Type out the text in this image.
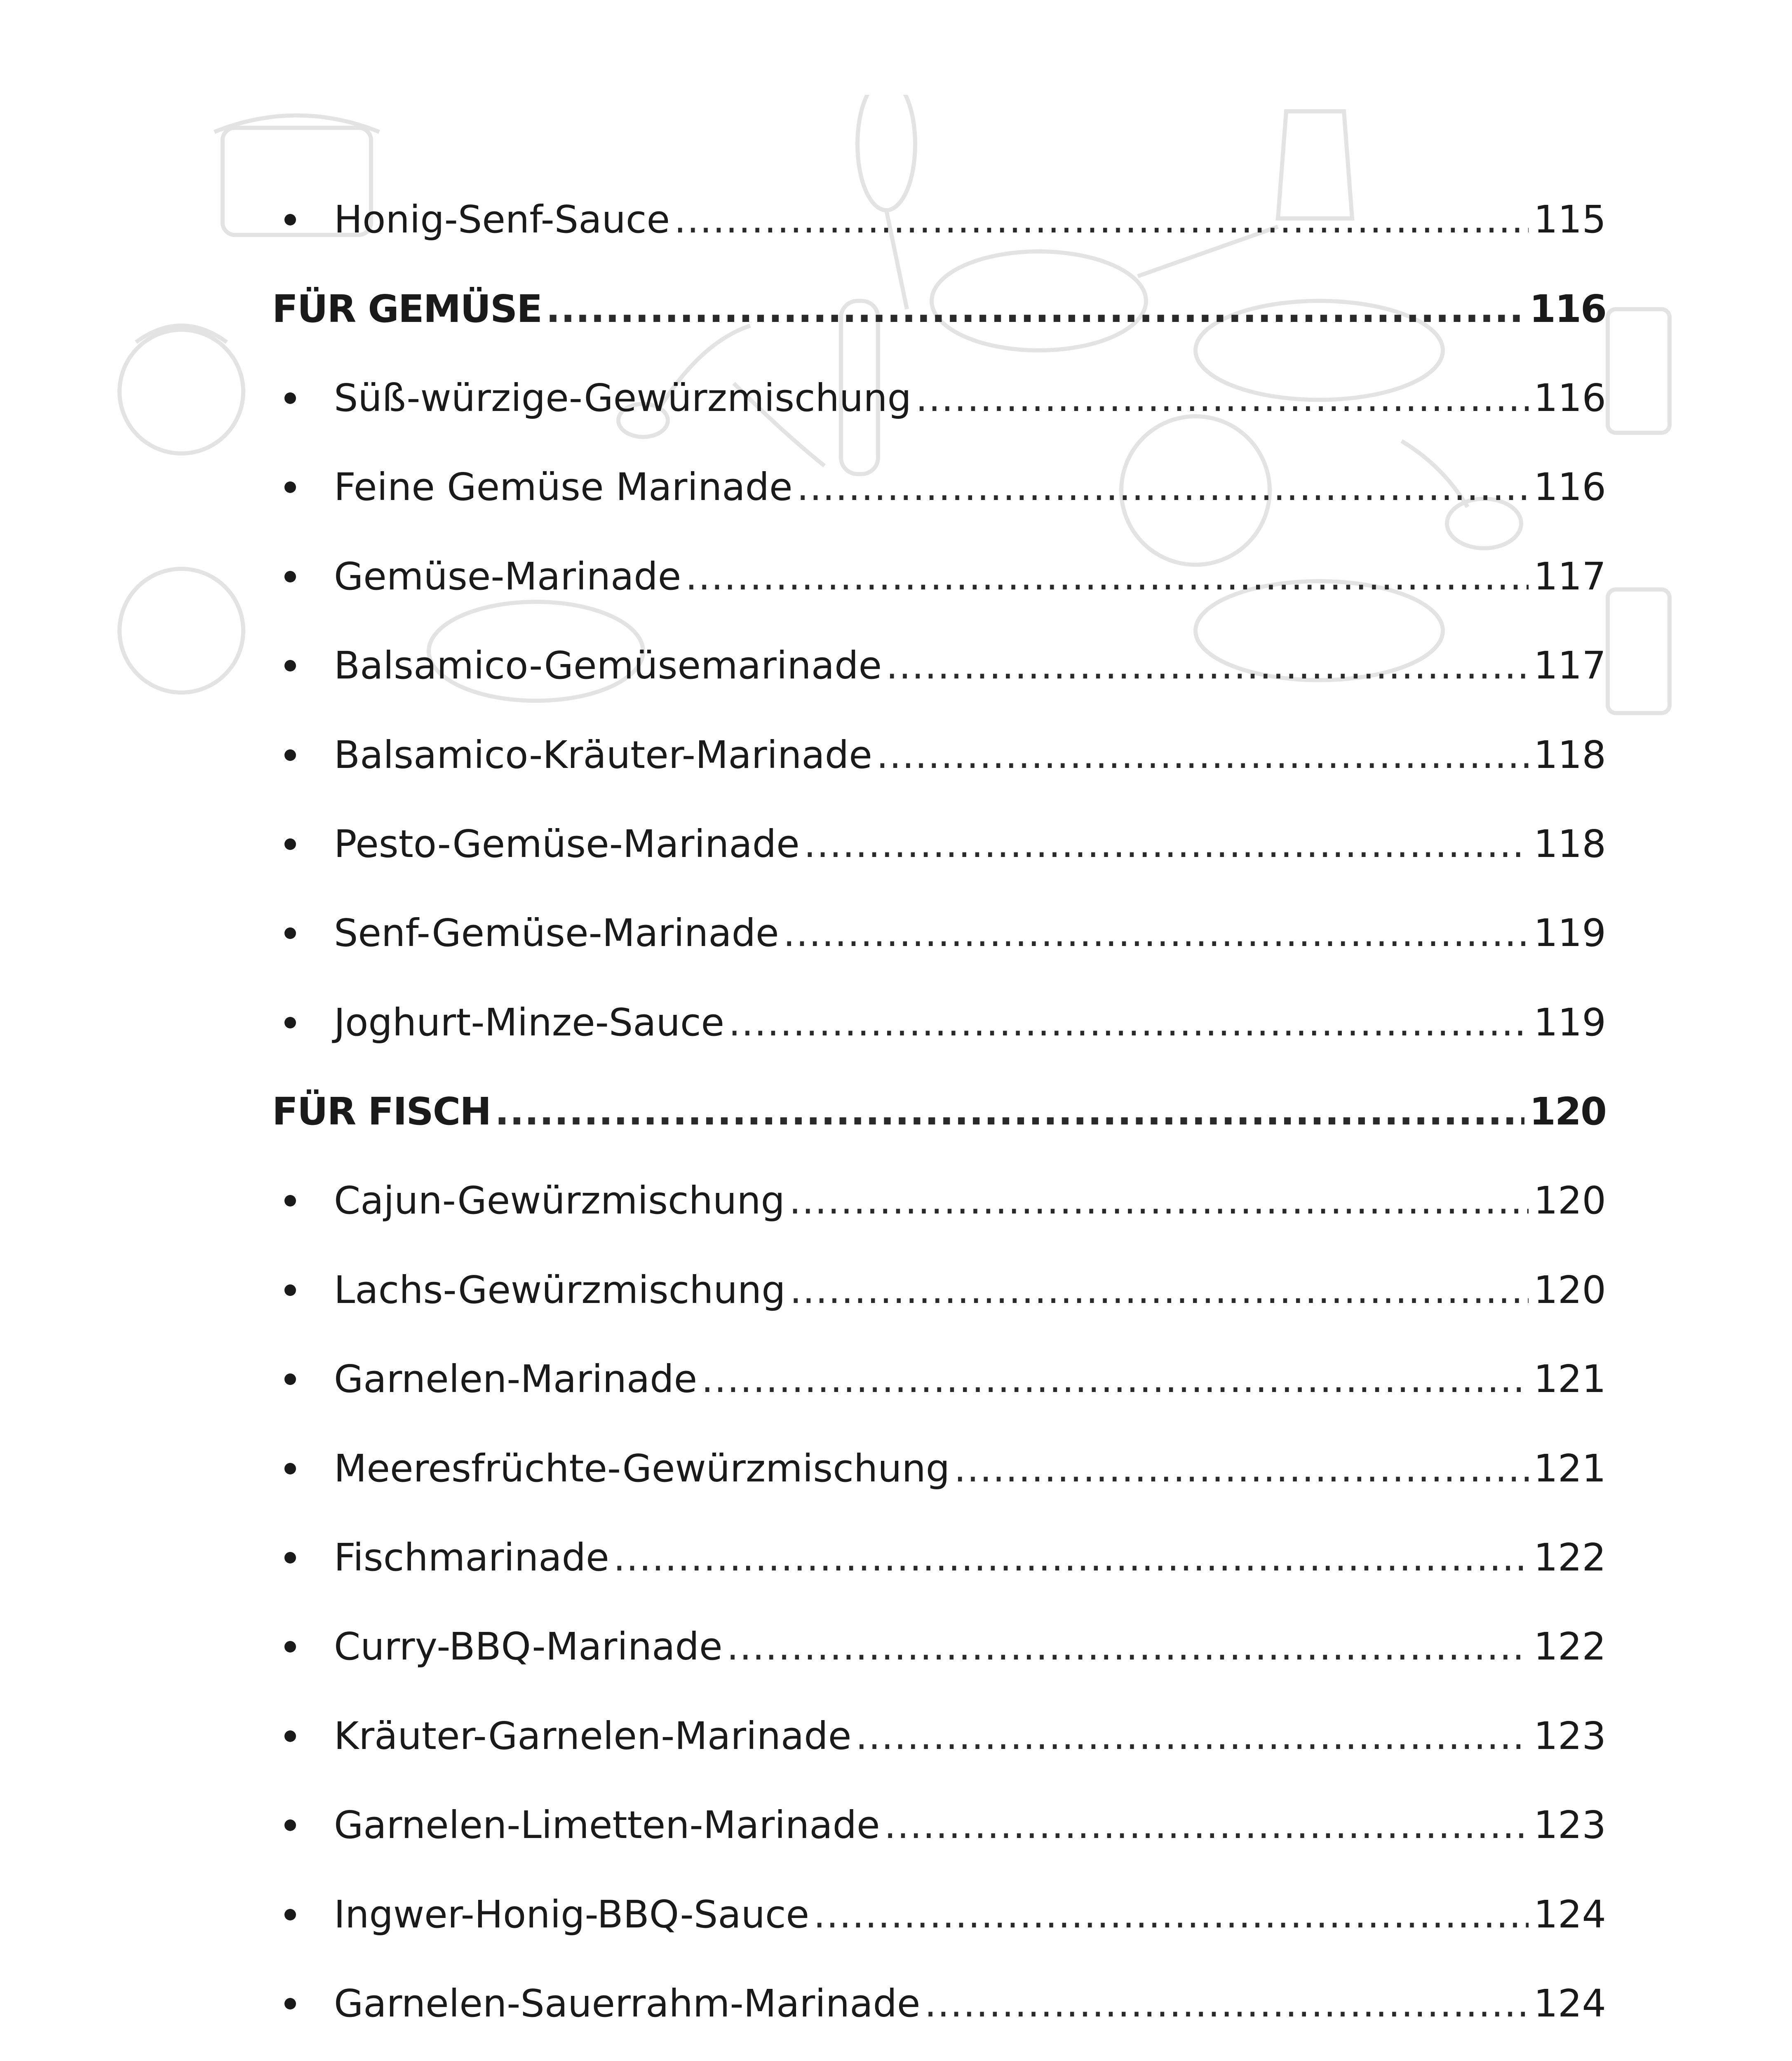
Honig-Senf-Sauce .....	115
FÜR GEMÜSE .....	116
Süß-würzige-Gewürzmischung .....	116
Feine Gemüse Marinade .....	116
Gemüse-Marinade .....	117
Balsamico-Gemüsemarinade .....	117
Balsamico-Kräuter-Marinade .....	118
Pesto-Gemüse-Marinade .....	118
Senf-Gemüse-Marinade .....	119
Joghurt-Minze-Sauce .....	119
FÜR FISCH .....	120
Cajun-Gewürzmischung .....	120
Lachs-Gewürzmischung .....	120
Garnelen-Marinade .....	121
Meeresfrüchte-Gewürzmischung .....	121
Fischmarinade .....	122
Curry-BBQ-Marinade .....	122
Kräuter-Garnelen-Marinade .....	123
Garnelen-Limetten-Marinade .....	123
Ingwer-Honig-BBQ-Sauce .....	124
Garnelen-Sauerrahm-Marinade .....	124
